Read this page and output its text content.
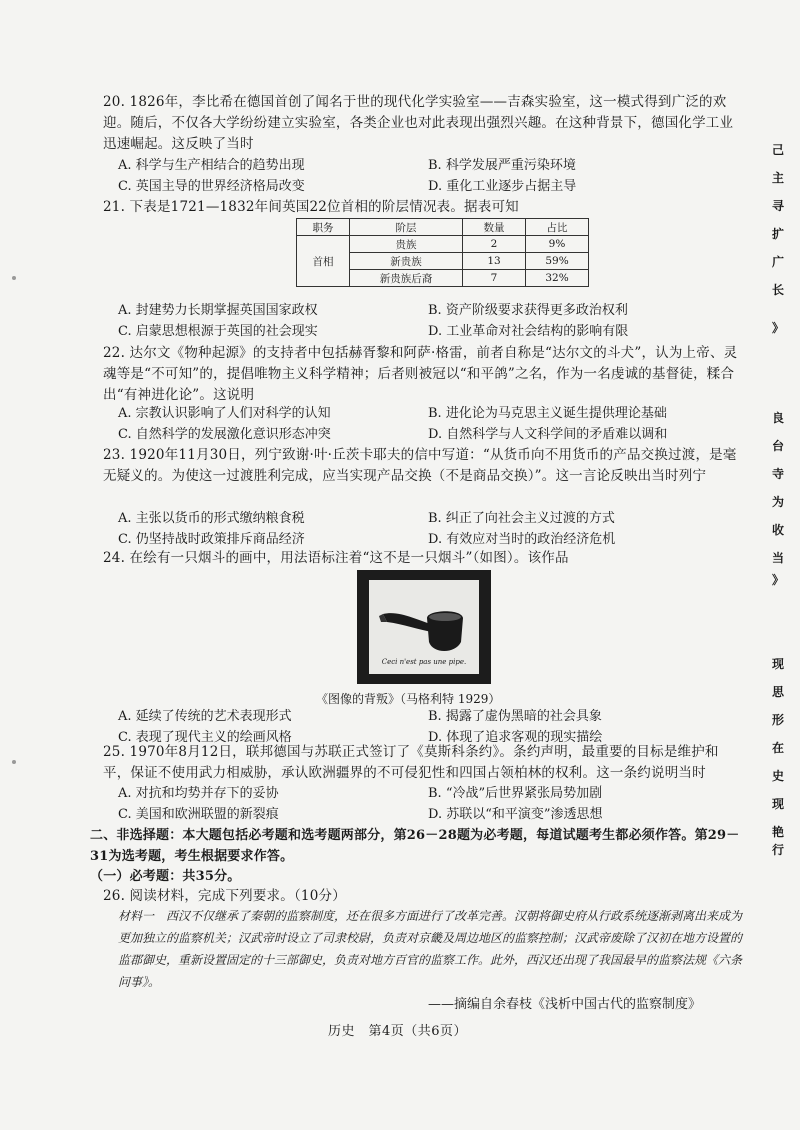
20. 1826年，李比希在德国首创了闻名于世的现代化学实验室——吉森实验室，这一模式得到广泛的欢迎。随后，不仅各大学纷纷建立实验室，各类企业也对此表现出强烈兴趣。在这种背景下，德国化学工业迅速崛起。这反映了当时
A. 科学与生产相结合的趋势出现	B. 科学发展严重污染环境
C. 英国主导的世界经济格局改变	D. 重化工业逐步占据主导
21. 下表是1721—1832年间英国22位首相的阶层情况表。据表可知
职务	阶层	数量	占比
首相	贵族	2	9%
	新贵族	13	59%
	新贵族后裔	7	32%
A. 封建势力长期掌握英国国家政权	B. 资产阶级要求获得更多政治权利
C. 启蒙思想根源于英国的社会现实	D. 工业革命对社会结构的影响有限
22. 达尔文《物种起源》的支持者中包括赫胥黎和阿萨·格雷，前者自称是“达尔文的斗犬”，认为上帝、灵魂等是“不可知”的，提倡唯物主义科学精神；后者则被冠以“和平鸽”之名，作为一名虔诚的基督徒，糅合出“有神进化论”。这说明
A. 宗教认识影响了人们对科学的认知	B. 进化论为马克思主义诞生提供理论基础
C. 自然科学的发展激化意识形态冲突	D. 自然科学与人文科学间的矛盾难以调和
23. 1920年11月30日，列宁致谢·叶·丘茨卡耶夫的信中写道：“从货币向不用货币的产品交换过渡，是毫无疑义的。为使这一过渡胜利完成，应当实现产品交换（不是商品交换）”。这一言论反映出当时列宁
A. 主张以货币的形式缴纳粮食税	B. 纠正了向社会主义过渡的方式
C. 仍坚持战时政策排斥商品经济	D. 有效应对当时的政治经济危机
24. 在绘有一只烟斗的画中，用法语标注着“这不是一只烟斗”（如图）。该作品
Ceci n'est pas une pipe.
《图像的背叛》（马格利特 1929）
A. 延续了传统的艺术表现形式	B. 揭露了虚伪黑暗的社会具象
C. 表现了现代主义的绘画风格	D. 体现了追求客观的现实描绘
25. 1970年8月12日，联邦德国与苏联正式签订了《莫斯科条约》。条约声明，最重要的目标是维护和平，保证不使用武力相威胁，承认欧洲疆界的不可侵犯性和四国占领柏林的权利。这一条约说明当时
A. 对抗和均势并存下的妥协	B. “冷战”后世界紧张局势加剧
C. 美国和欧洲联盟的新裂痕	D. 苏联以“和平演变”渗透思想
二、非选择题：本大题包括必考题和选考题两部分，第26－28题为必考题，每道试题考生都必须作答。第29－31为选考题，考生根据要求作答。
（一）必考题：共35分。
26. 阅读材料，完成下列要求。（10分）
材料一　西汉不仅继承了秦朝的监察制度，还在很多方面进行了改革完善。汉朝将御史府从行政系统逐渐剥离出来成为更加独立的监察机关；汉武帝时设立了司隶校尉，负责对京畿及周边地区的监察控制；汉武帝废除了汉初在地方设置的监郡御史，重新设置固定的十三部御史，负责对地方百官的监察工作。此外，西汉还出现了我国最早的监察法规《六条问事》。
——摘编自余春枝《浅析中国古代的监察制度》
历史　第4页（共6页）
己
主
寻
扩
广
长
》
良
台
寺
为
收
当
》
现
思
形
在
史
现
艳
行
